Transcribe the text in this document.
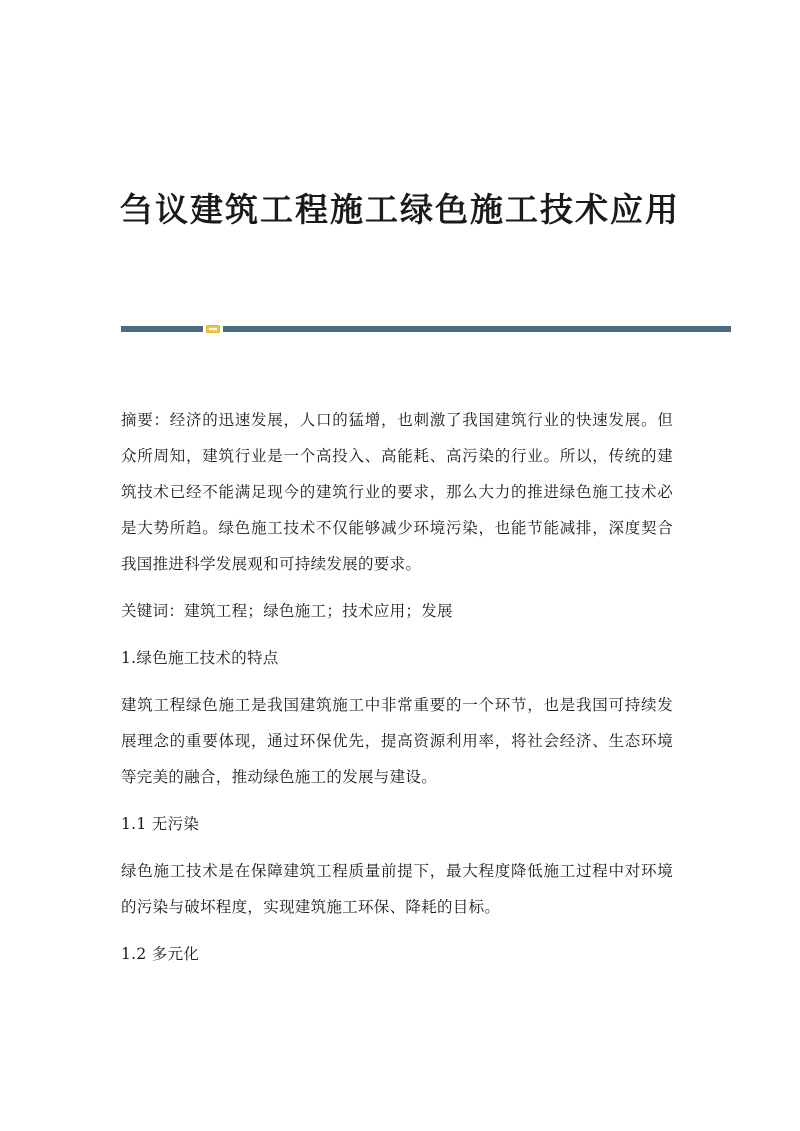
刍议建筑工程施工绿色施工技术应用

摘要：经济的迅速发展，人口的猛增，也刺激了我国建筑行业的快速发展。但众所周知，建筑行业是一个高投入、高能耗、高污染的行业。所以，传统的建筑技术已经不能满足现今的建筑行业的要求，那么大力的推进绿色施工技术必是大势所趋。绿色施工技术不仅能够减少环境污染，也能节能减排，深度契合我国推进科学发展观和可持续发展的要求。

关键词：建筑工程；绿色施工；技术应用；发展

1.绿色施工技术的特点

建筑工程绿色施工是我国建筑施工中非常重要的一个环节，也是我国可持续发展理念的重要体现，通过环保优先，提高资源利用率，将社会经济、生态环境等完美的融合，推动绿色施工的发展与建设。

1.1 无污染

绿色施工技术是在保障建筑工程质量前提下，最大程度降低施工过程中对环境的污染与破坏程度，实现建筑施工环保、降耗的目标。

1.2 多元化
